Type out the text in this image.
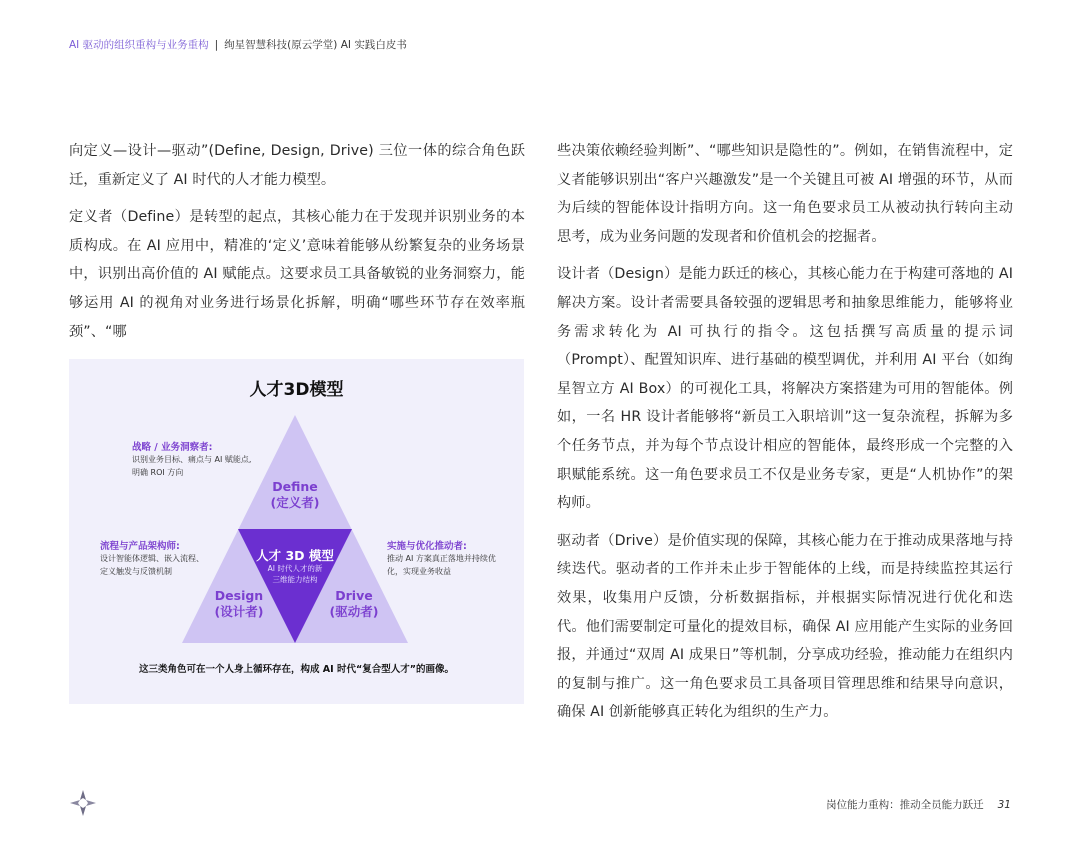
AI 驱动的组织重构与业务重构 | 绚星智慧科技(原云学堂) AI 实践白皮书

向定义—设计—驱动”(Define, Design, Drive) 三位一体的综合角色跃迁，重新定义了 AI 时代的人才能力模型。

定义者（Define）是转型的起点，其核心能力在于发现并识别业务的本质构成。在 AI 应用中，精准的‘定义’意味着能够从纷繁复杂的业务场景中，识别出高价值的 AI 赋能点。这要求员工具备敏锐的业务洞察力，能够运用 AI 的视角对业务进行场景化拆解，明确“哪些环节存在效率瓶颈”、“哪

人才3D模型
战略 / 业务洞察者:
识别业务目标、痛点与 AI 赋能点,
明确 ROI 方向
流程与产品架构师:
设计智能体逻辑、嵌入流程、
定义触发与反馈机制
实施与优化推动者:
推动 AI 方案真正落地并持续优
化，实现业务收益
Define
(定义者)
Design
(设计者)
Drive
(驱动者)
人才 3D 模型
AI 时代人才的新
三维能力结构
这三类角色可在一个人身上循环存在，构成 AI 时代“复合型人才”的画像。

些决策依赖经验判断”、“哪些知识是隐性的”。例如，在销售流程中，定义者能够识别出“客户兴趣激发”是一个关键且可被 AI 增强的环节，从而为后续的智能体设计指明方向。这一角色要求员工从被动执行转向主动思考，成为业务问题的发现者和价值机会的挖掘者。

设计者（Design）是能力跃迁的核心，其核心能力在于构建可落地的 AI 解决方案。设计者需要具备较强的逻辑思考和抽象思维能力，能够将业务需求转化为 AI 可执行的指令。这包括撰写高质量的提示词（Prompt）、配置知识库、进行基础的模型调优，并利用 AI 平台（如绚星智立方 AI Box）的可视化工具，将解决方案搭建为可用的智能体。例如，一名 HR 设计者能够将“新员工入职培训”这一复杂流程，拆解为多个任务节点，并为每个节点设计相应的智能体，最终形成一个完整的入职赋能系统。这一角色要求员工不仅是业务专家，更是“人机协作”的架构师。

驱动者（Drive）是价值实现的保障，其核心能力在于推动成果落地与持续迭代。驱动者的工作并未止步于智能体的上线，而是持续监控其运行效果，收集用户反馈，分析数据指标，并根据实际情况进行优化和迭代。他们需要制定可量化的提效目标，确保 AI 应用能产生实际的业务回报，并通过“双周 AI 成果日”等机制，分享成功经验，推动能力在组织内的复制与推广。这一角色要求员工具备项目管理思维和结果导向意识，确保 AI 创新能够真正转化为组织的生产力。

岗位能力重构：推动全员能力跃迁 31
